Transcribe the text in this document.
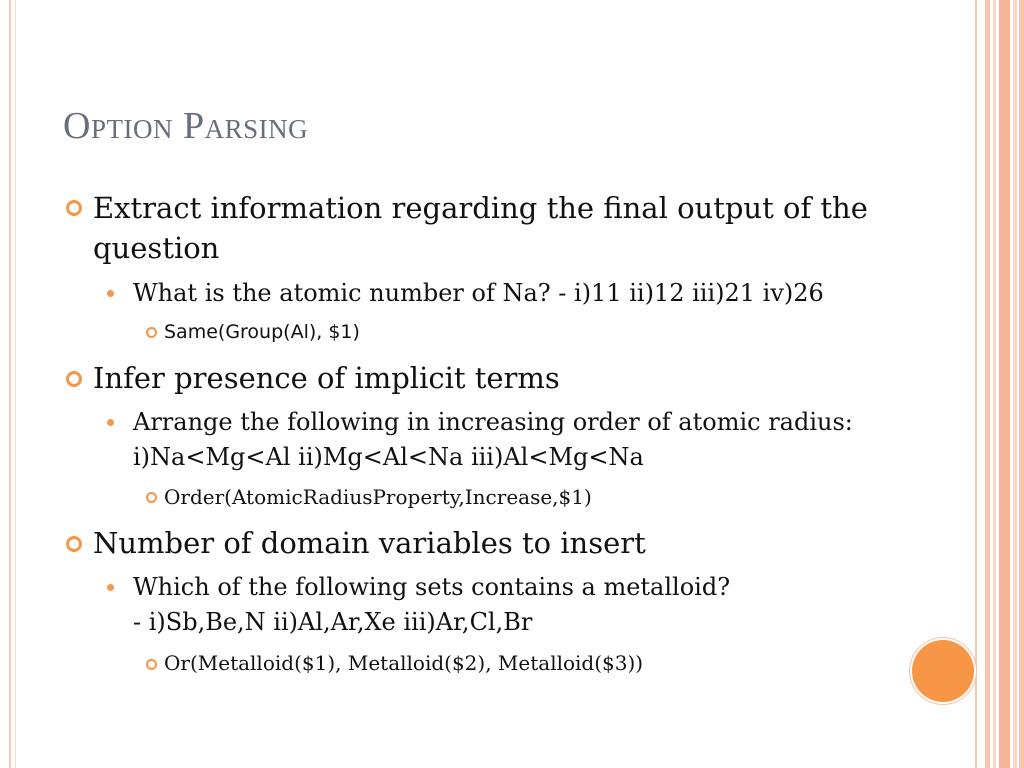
Option Parsing
Extract information regarding the final output of the question
What is the atomic number of Na? - i)11 ii)12 iii)21 iv)26
Same(Group(Al), $1)
Infer presence of implicit terms
Arrange the following in increasing order of atomic radius: i)Na<Mg<Al ii)Mg<Al<Na iii)Al<Mg<Na
Order(AtomicRadiusProperty,Increase,$1)
Number of domain variables to insert
Which of the following sets contains a metalloid?
- i)Sb,Be,N ii)Al,Ar,Xe iii)Ar,Cl,Br
Or(Metalloid($1), Metalloid($2), Metalloid($3))
